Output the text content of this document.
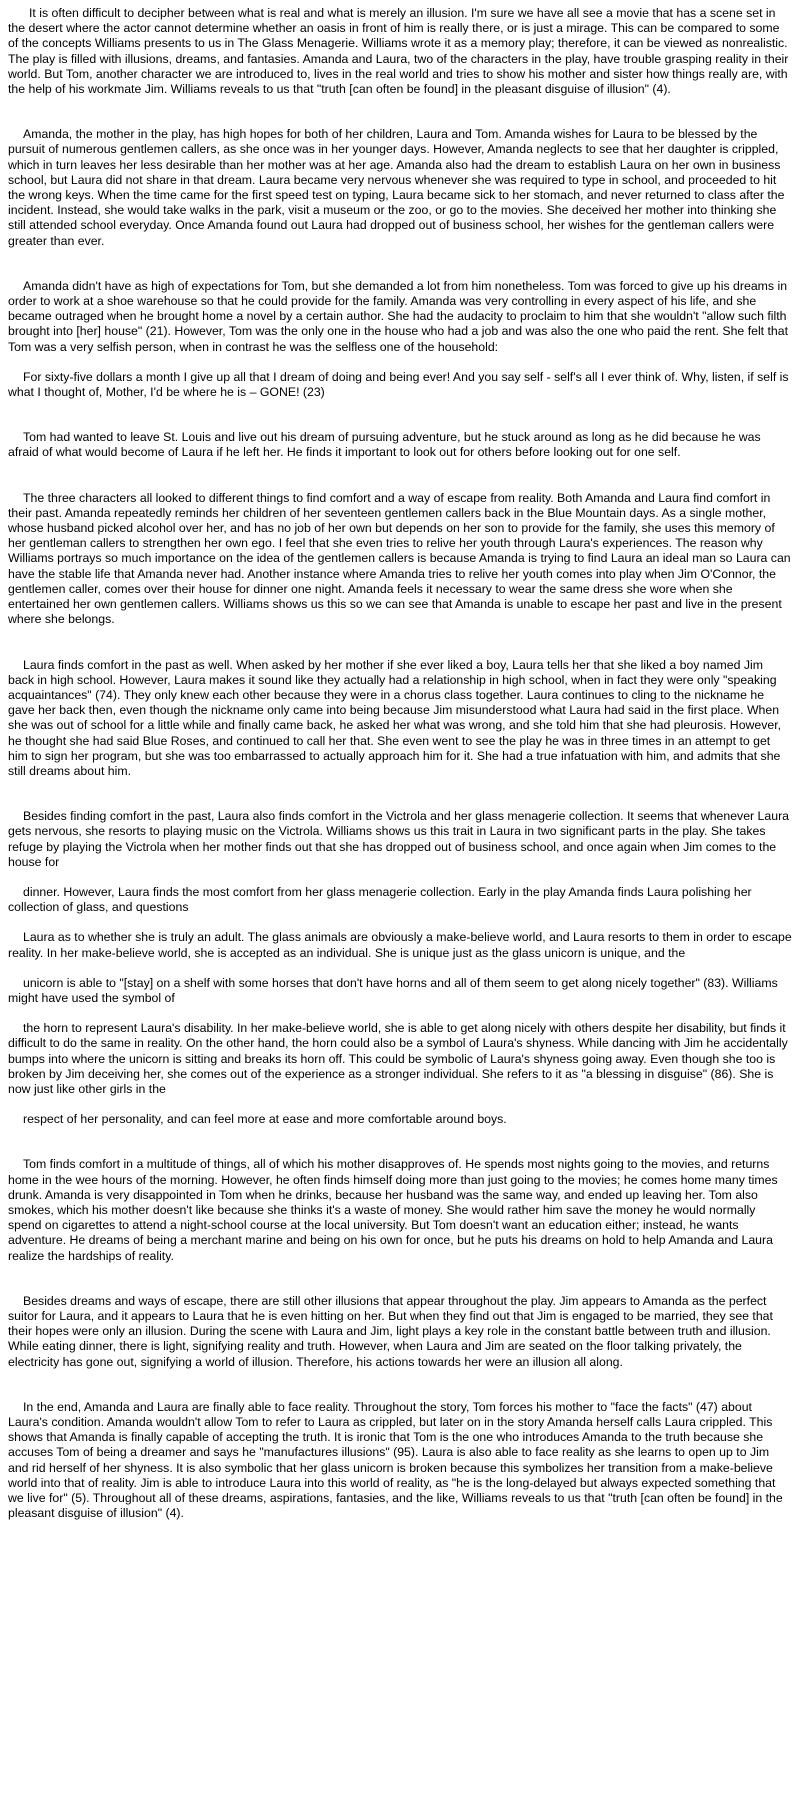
It is often difficult to decipher between what is real and what is merely an illusion. I'm sure we have all see a movie that has a scene set in the desert where the actor cannot determine whether an oasis in front of him is really there, or is just a mirage. This can be compared to some of the concepts Williams presents to us in The Glass Menagerie. Williams wrote it as a memory play; therefore, it can be viewed as nonrealistic. The play is filled with illusions, dreams, and fantasies. Amanda and Laura, two of the characters in the play, have trouble grasping reality in their world. But Tom, another character we are introduced to, lives in the real world and tries to show his mother and sister how things really are, with the help of his workmate Jim. Williams reveals to us that "truth [can often be found] in the pleasant disguise of illusion" (4).

Amanda, the mother in the play, has high hopes for both of her children, Laura and Tom. Amanda wishes for Laura to be blessed by the pursuit of numerous gentlemen callers, as she once was in her younger days. However, Amanda neglects to see that her daughter is crippled, which in turn leaves her less desirable than her mother was at her age. Amanda also had the dream to establish Laura on her own in business school, but Laura did not share in that dream. Laura became very nervous whenever she was required to type in school, and proceeded to hit the wrong keys. When the time came for the first speed test on typing, Laura became sick to her stomach, and never returned to class after the incident. Instead, she would take walks in the park, visit a museum or the zoo, or go to the movies. She deceived her mother into thinking she still attended school everyday. Once Amanda found out Laura had dropped out of business school, her wishes for the gentleman callers were greater than ever.

Amanda didn't have as high of expectations for Tom, but she demanded a lot from him nonetheless. Tom was forced to give up his dreams in order to work at a shoe warehouse so that he could provide for the family. Amanda was very controlling in every aspect of his life, and she became outraged when he brought home a novel by a certain author. She had the audacity to proclaim to him that she wouldn't "allow such filth brought into [her] house" (21). However, Tom was the only one in the house who had a job and was also the one who paid the rent. She felt that Tom was a very selfish person, when in contrast he was the selfless one of the household:

For sixty-five dollars a month I give up all that I dream of doing and being ever! And you say self - self's all I ever think of. Why, listen, if self is what I thought of, Mother, I'd be where he is – GONE! (23)

Tom had wanted to leave St. Louis and live out his dream of pursuing adventure, but he stuck around as long as he did because he was afraid of what would become of Laura if he left her. He finds it important to look out for others before looking out for one self.

The three characters all looked to different things to find comfort and a way of escape from reality. Both Amanda and Laura find comfort in their past. Amanda repeatedly reminds her children of her seventeen gentlemen callers back in the Blue Mountain days. As a single mother, whose husband picked alcohol over her, and has no job of her own but depends on her son to provide for the family, she uses this memory of her gentleman callers to strengthen her own ego. I feel that she even tries to relive her youth through Laura's experiences. The reason why Williams portrays so much importance on the idea of the gentlemen callers is because Amanda is trying to find Laura an ideal man so Laura can have the stable life that Amanda never had. Another instance where Amanda tries to relive her youth comes into play when Jim O'Connor, the gentlemen caller, comes over their house for dinner one night. Amanda feels it necessary to wear the same dress she wore when she entertained her own gentlemen callers. Williams shows us this so we can see that Amanda is unable to escape her past and live in the present where she belongs.

Laura finds comfort in the past as well. When asked by her mother if she ever liked a boy, Laura tells her that she liked a boy named Jim back in high school. However, Laura makes it sound like they actually had a relationship in high school, when in fact they were only "speaking acquaintances" (74). They only knew each other because they were in a chorus class together. Laura continues to cling to the nickname he gave her back then, even though the nickname only came into being because Jim misunderstood what Laura had said in the first place. When she was out of school for a little while and finally came back, he asked her what was wrong, and she told him that she had pleurosis. However, he thought she had said Blue Roses, and continued to call her that. She even went to see the play he was in three times in an attempt to get him to sign her program, but she was too embarrassed to actually approach him for it. She had a true infatuation with him, and admits that she still dreams about him.

Besides finding comfort in the past, Laura also finds comfort in the Victrola and her glass menagerie collection. It seems that whenever Laura gets nervous, she resorts to playing music on the Victrola. Williams shows us this trait in Laura in two significant parts in the play. She takes refuge by playing the Victrola when her mother finds out that she has dropped out of business school, and once again when Jim comes to the house for

dinner. However, Laura finds the most comfort from her glass menagerie collection. Early in the play Amanda finds Laura polishing her collection of glass, and questions

Laura as to whether she is truly an adult. The glass animals are obviously a make-believe world, and Laura resorts to them in order to escape reality. In her make-believe world, she is accepted as an individual. She is unique just as the glass unicorn is unique, and the

unicorn is able to "[stay] on a shelf with some horses that don't have horns and all of them seem to get along nicely together" (83). Williams might have used the symbol of

the horn to represent Laura's disability. In her make-believe world, she is able to get along nicely with others despite her disability, but finds it difficult to do the same in reality. On the other hand, the horn could also be a symbol of Laura's shyness. While dancing with Jim he accidentally bumps into where the unicorn is sitting and breaks its horn off. This could be symbolic of Laura's shyness going away. Even though she too is broken by Jim deceiving her, she comes out of the experience as a stronger individual. She refers to it as "a blessing in disguise" (86). She is now just like other girls in the

respect of her personality, and can feel more at ease and more comfortable around boys.

Tom finds comfort in a multitude of things, all of which his mother disapproves of. He spends most nights going to the movies, and returns home in the wee hours of the morning. However, he often finds himself doing more than just going to the movies; he comes home many times drunk. Amanda is very disappointed in Tom when he drinks, because her husband was the same way, and ended up leaving her. Tom also smokes, which his mother doesn't like because she thinks it's a waste of money. She would rather him save the money he would normally spend on cigarettes to attend a night-school course at the local university. But Tom doesn't want an education either; instead, he wants adventure. He dreams of being a merchant marine and being on his own for once, but he puts his dreams on hold to help Amanda and Laura realize the hardships of reality.

Besides dreams and ways of escape, there are still other illusions that appear throughout the play. Jim appears to Amanda as the perfect suitor for Laura, and it appears to Laura that he is even hitting on her. But when they find out that Jim is engaged to be married, they see that their hopes were only an illusion. During the scene with Laura and Jim, light plays a key role in the constant battle between truth and illusion. While eating dinner, there is light, signifying reality and truth. However, when Laura and Jim are seated on the floor talking privately, the electricity has gone out, signifying a world of illusion. Therefore, his actions towards her were an illusion all along.

In the end, Amanda and Laura are finally able to face reality. Throughout the story, Tom forces his mother to "face the facts" (47) about Laura's condition. Amanda wouldn't allow Tom to refer to Laura as crippled, but later on in the story Amanda herself calls Laura crippled. This shows that Amanda is finally capable of accepting the truth. It is ironic that Tom is the one who introduces Amanda to the truth because she accuses Tom of being a dreamer and says he "manufactures illusions" (95). Laura is also able to face reality as she learns to open up to Jim and rid herself of her shyness. It is also symbolic that her glass unicorn is broken because this symbolizes her transition from a make-believe world into that of reality. Jim is able to introduce Laura into this world of reality, as "he is the long-delayed but always expected something that we live for" (5). Throughout all of these dreams, aspirations, fantasies, and the like, Williams reveals to us that "truth [can often be found] in the pleasant disguise of illusion" (4).
